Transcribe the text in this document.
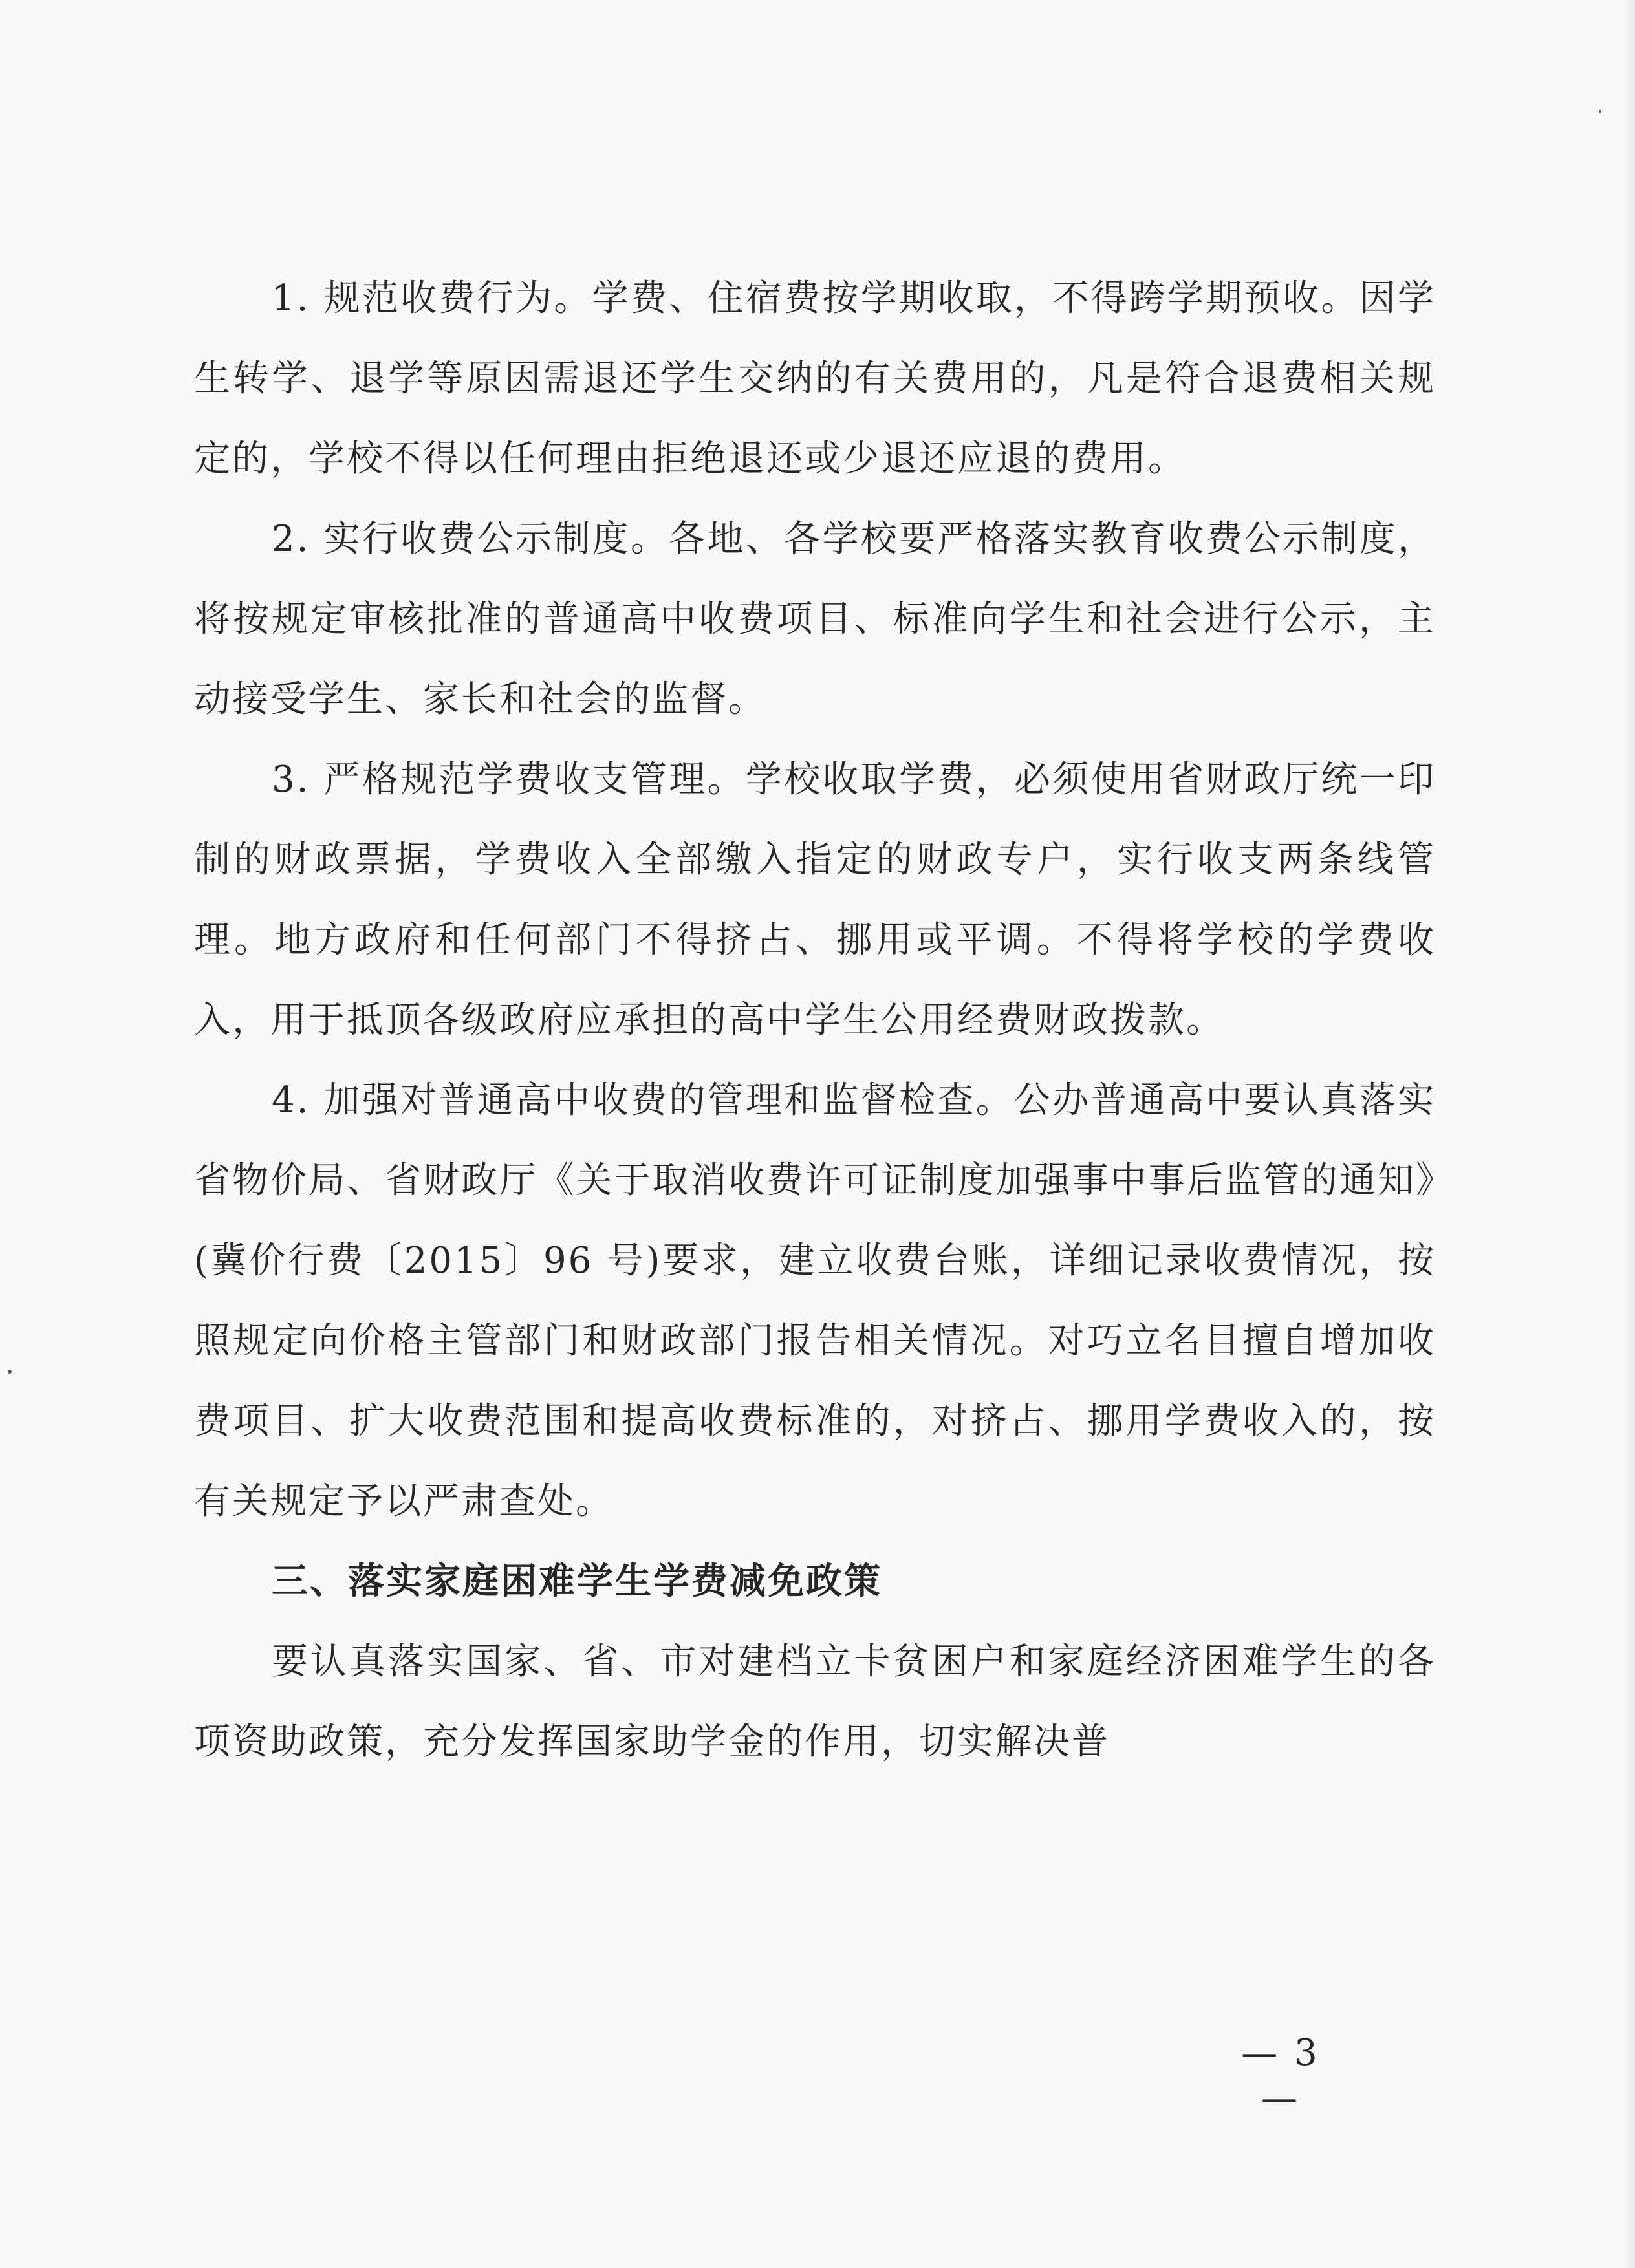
1. 规范收费行为。学费、住宿费按学期收取，不得跨学期预收。因学生转学、退学等原因需退还学生交纳的有关费用的，凡是符合退费相关规定的，学校不得以任何理由拒绝退还或少退还应退的费用。

2. 实行收费公示制度。各地、各学校要严格落实教育收费公示制度，将按规定审核批准的普通高中收费项目、标准向学生和社会进行公示，主动接受学生、家长和社会的监督。

3. 严格规范学费收支管理。学校收取学费，必须使用省财政厅统一印制的财政票据，学费收入全部缴入指定的财政专户，实行收支两条线管理。地方政府和任何部门不得挤占、挪用或平调。不得将学校的学费收入，用于抵顶各级政府应承担的高中学生公用经费财政拨款。

4. 加强对普通高中收费的管理和监督检查。公办普通高中要认真落实省物价局、省财政厅《关于取消收费许可证制度加强事中事后监管的通知》(冀价行费〔2015〕96 号)要求，建立收费台账，详细记录收费情况，按照规定向价格主管部门和财政部门报告相关情况。对巧立名目擅自增加收费项目、扩大收费范围和提高收费标准的，对挤占、挪用学费收入的，按有关规定予以严肃查处。

三、落实家庭困难学生学费减免政策

要认真落实国家、省、市对建档立卡贫困户和家庭经济困难学生的各项资助政策，充分发挥国家助学金的作用，切实解决普

— 3 —
